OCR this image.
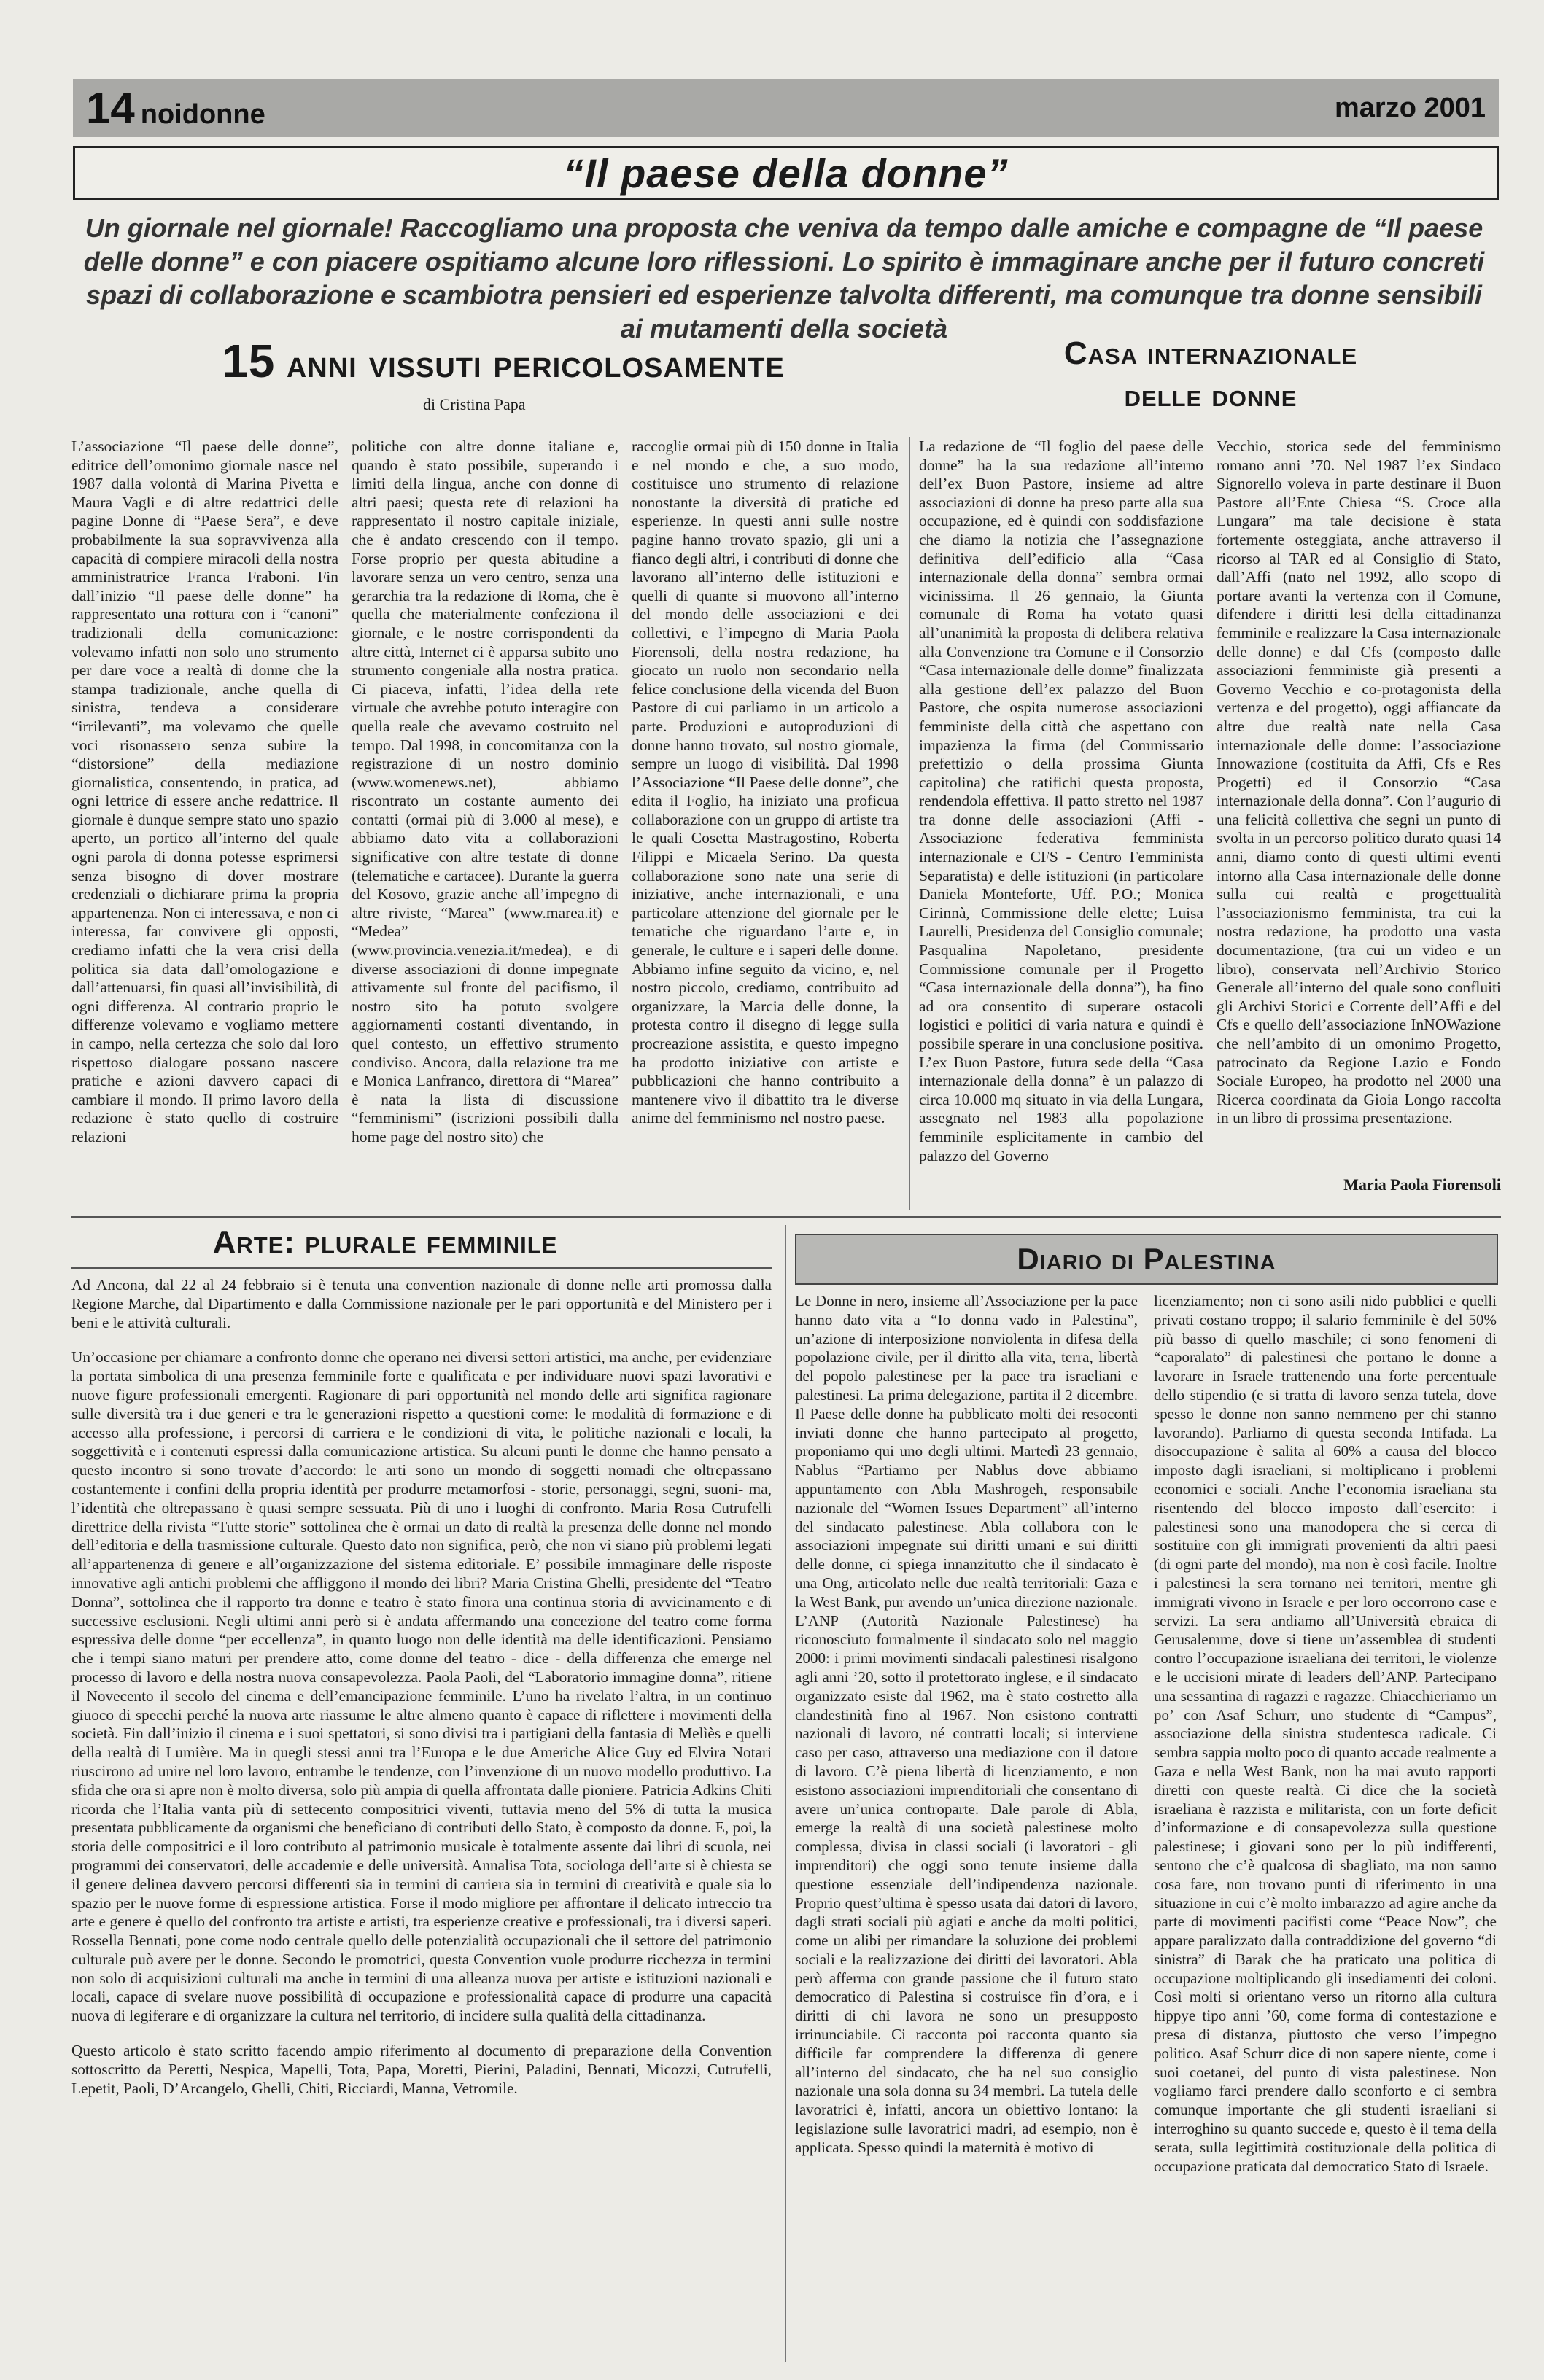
14 noidonne	marzo 2001
“Il paese della donne”
Un giornale nel giornale! Raccogliamo una proposta che veniva da tempo dalle amiche e compagne de “Il paese delle donne” e con piacere ospitiamo alcune loro riflessioni. Lo spirito è immaginare anche per il futuro concreti spazi di collaborazione e scambiotra pensieri ed esperienze talvolta differenti, ma comunque tra donne sensibili ai mutamenti della società
15 anni vissuti pericolosamente
di Cristina Papa
L’associazione “Il paese delle donne”, editrice dell’omonimo giornale nasce nel 1987 dalla volontà di Marina Pivetta e Maura Vagli e di altre redattrici delle pagine Donne di “Paese Sera”, e deve probabilmente la sua sopravvivenza alla capacità di compiere miracoli della nostra amministratrice Franca Fraboni. Fin dall’inizio “Il paese delle donne” ha rappresentato una rottura con i “canoni” tradizionali della comunicazione: volevamo infatti non solo uno strumento per dare voce a realtà di donne che la stampa tradizionale, anche quella di sinistra, tendeva a considerare “irrilevanti”, ma volevamo che quelle voci risonassero senza subire la “distorsione” della mediazione giornalistica, consentendo, in pratica, ad ogni lettrice di essere anche redattrice. Il giornale è dunque sempre stato uno spazio aperto, un portico all’interno del quale ogni parola di donna potesse esprimersi senza bisogno di dover mostrare credenziali o dichiarare prima la propria appartenenza. Non ci interessava, e non ci interessa, far convivere gli opposti, crediamo infatti che la vera crisi della politica sia data dall’omologazione e dall’attenuarsi, fin quasi all’invisibilità, di ogni differenza. Al contrario proprio le differenze volevamo e vogliamo mettere in campo, nella certezza che solo dal loro rispettoso dialogare possano nascere pratiche e azioni davvero capaci di cambiare il mondo. Il primo lavoro della redazione è stato quello di costruire relazioni
politiche con altre donne italiane e, quando è stato possibile, superando i limiti della lingua, anche con donne di altri paesi; questa rete di relazioni ha rappresentato il nostro capitale iniziale, che è andato crescendo con il tempo. Forse proprio per questa abitudine a lavorare senza un vero centro, senza una gerarchia tra la redazione di Roma, che è quella che materialmente confeziona il giornale, e le nostre corrispondenti da altre città, Internet ci è apparsa subito uno strumento congeniale alla nostra pratica. Ci piaceva, infatti, l’idea della rete virtuale che avrebbe potuto interagire con quella reale che avevamo costruito nel tempo. Dal 1998, in concomitanza con la registrazione di un nostro dominio (www.womenews.net), abbiamo riscontrato un costante aumento dei contatti (ormai più di 3.000 al mese), e abbiamo dato vita a collaborazioni significative con altre testate di donne (telematiche e cartacee). Durante la guerra del Kosovo, grazie anche all’impegno di altre riviste, “Marea” (www.marea.it) e “Medea” (www.provincia.venezia.it/medea), e di diverse associazioni di donne impegnate attivamente sul fronte del pacifismo, il nostro sito ha potuto svolgere aggiornamenti costanti diventando, in quel contesto, un effettivo strumento condiviso. Ancora, dalla relazione tra me e Monica Lanfranco, direttora di “Marea” è nata la lista di discussione “femminismi” (iscrizioni possibili dalla home page del nostro sito) che
raccoglie ormai più di 150 donne in Italia e nel mondo e che, a suo modo, costituisce uno strumento di relazione nonostante la diversità di pratiche ed esperienze. In questi anni sulle nostre pagine hanno trovato spazio, gli uni a fianco degli altri, i contributi di donne che lavorano all’interno delle istituzioni e quelli di quante si muovono all’interno del mondo delle associazioni e dei collettivi, e l’impegno di Maria Paola Fiorensoli, della nostra redazione, ha giocato un ruolo non secondario nella felice conclusione della vicenda del Buon Pastore di cui parliamo in un articolo a parte. Produzioni e autoproduzioni di donne hanno trovato, sul nostro giornale, sempre un luogo di visibilità. Dal 1998 l’Associazione “Il Paese delle donne”, che edita il Foglio, ha iniziato una proficua collaborazione con un gruppo di artiste tra le quali Cosetta Mastragostino, Roberta Filippi e Micaela Serino. Da questa collaborazione sono nate una serie di iniziative, anche internazionali, e una particolare attenzione del giornale per le tematiche che riguardano l’arte e, in generale, le culture e i saperi delle donne. Abbiamo infine seguito da vicino, e, nel nostro piccolo, crediamo, contribuito ad organizzare, la Marcia delle donne, la protesta contro il disegno di legge sulla procreazione assistita, e questo impegno ha prodotto iniziative con artiste e pubblicazioni che hanno contribuito a mantenere vivo il dibattito tra le diverse anime del femminismo nel nostro paese.
Casa internazionale
delle donne
La redazione de “Il foglio del paese delle donne” ha la sua redazione all’interno dell’ex Buon Pastore, insieme ad altre associazioni di donne ha preso parte alla sua occupazione, ed è quindi con soddisfazione che diamo la notizia che l’assegnazione definitiva dell’edificio alla “Casa internazionale della donna” sembra ormai vicinissima. Il 26 gennaio, la Giunta comunale di Roma ha votato quasi all’unanimità la proposta di delibera relativa alla Convenzione tra Comune e il Consorzio “Casa internazionale delle donne” finalizzata alla gestione dell’ex palazzo del Buon Pastore, che ospita numerose associazioni femministe della città che aspettano con impazienza la firma (del Commissario prefettizio o della prossima Giunta capitolina) che ratifichi questa proposta, rendendola effettiva. Il patto stretto nel 1987 tra donne delle associazioni (Affi - Associazione federativa femminista internazionale e CFS - Centro Femminista Separatista) e delle istituzioni (in particolare Daniela Monteforte, Uff. P.O.; Monica Cirinnà, Commissione delle elette; Luisa Laurelli, Presidenza del Consiglio comunale; Pasqualina Napoletano, presidente Commissione comunale per il Progetto “Casa internazionale della donna”), ha fino ad ora consentito di superare ostacoli logistici e politici di varia natura e quindi è possibile sperare in una conclusione positiva. L’ex Buon Pastore, futura sede della “Casa internazionale della donna” è un palazzo di circa 10.000 mq situato in via della Lungara, assegnato nel 1983 alla popolazione femminile esplicitamente in cambio del palazzo del Governo
Vecchio, storica sede del femminismo romano anni ’70. Nel 1987 l’ex Sindaco Signorello voleva in parte destinare il Buon Pastore all’Ente Chiesa “S. Croce alla Lungara” ma tale decisione è stata fortemente osteggiata, anche attraverso il ricorso al TAR ed al Consiglio di Stato, dall’Affi (nato nel 1992, allo scopo di portare avanti la vertenza con il Comune, difendere i diritti lesi della cittadinanza femminile e realizzare la Casa internazionale delle donne) e dal Cfs (composto dalle associazioni femministe già presenti a Governo Vecchio e co-protagonista della vertenza e del progetto), oggi affiancate da altre due realtà nate nella Casa internazionale delle donne: l’associazione Innowazione (costituita da Affi, Cfs e Res Progetti) ed il Consorzio “Casa internazionale della donna”. Con l’augurio di una felicità collettiva che segni un punto di svolta in un percorso politico durato quasi 14 anni, diamo conto di questi ultimi eventi intorno alla Casa internazionale delle donne sulla cui realtà e progettualità l’associazionismo femminista, tra cui la nostra redazione, ha prodotto una vasta documentazione, (tra cui un video e un libro), conservata nell’Archivio Storico Generale all’interno del quale sono confluiti gli Archivi Storici e Corrente dell’Affi e del Cfs e quello dell’associazione InNOWazione che nell’ambito di un omonimo Progetto, patrocinato da Regione Lazio e Fondo Sociale Europeo, ha prodotto nel 2000 una Ricerca coordinata da Gioia Longo raccolta in un libro di prossima presentazione.
Maria Paola Fiorensoli
Arte: plurale femminile

Ad Ancona, dal 22 al 24 febbraio si è tenuta una convention nazionale di donne nelle arti promossa dalla Regione Marche, dal Dipartimento e dalla Commissione nazionale per le pari opportunità e del Ministero per i beni e le attività culturali.

Un’occasione per chiamare a confronto donne che operano nei diversi settori artistici, ma anche, per evidenziare la portata simbolica di una presenza femminile forte e qualificata e per individuare nuovi spazi lavorativi e nuove figure professionali emergenti. Ragionare di pari opportunità nel mondo delle arti significa ragionare sulle diversità tra i due generi e tra le generazioni rispetto a questioni come: le modalità di formazione e di accesso alla professione, i percorsi di carriera e le condizioni di vita, le politiche nazionali e locali, la soggettività e i contenuti espressi dalla comunicazione artistica. Su alcuni punti le donne che hanno pensato a questo incontro si sono trovate d’accordo: le arti sono un mondo di soggetti nomadi che oltrepassano costantemente i confini della propria identità per produrre metamorfosi - storie, personaggi, segni, suoni- ma, l’identità che oltrepassano è quasi sempre sessuata. Più di uno i luoghi di confronto. Maria Rosa Cutrufelli direttrice della rivista “Tutte storie” sottolinea che è ormai un dato di realtà la presenza delle donne nel mondo dell’editoria e della trasmissione culturale. Questo dato non significa, però, che non vi siano più problemi legati all’appartenenza di genere e all’organizzazione del sistema editoriale. E’ possibile immaginare delle risposte innovative agli antichi problemi che affliggono il mondo dei libri? Maria Cristina Ghelli, presidente del “Teatro Donna”, sottolinea che il rapporto tra donne e teatro è stato finora una continua storia di avvicinamento e di successive esclusioni. Negli ultimi anni però si è andata affermando una concezione del teatro come forma espressiva delle donne “per eccellenza”, in quanto luogo non delle identità ma delle identificazioni. Pensiamo che i tempi siano maturi per prendere atto, come donne del teatro - dice - della differenza che emerge nel processo di lavoro e della nostra nuova consapevolezza. Paola Paoli, del “Laboratorio immagine donna”, ritiene il Novecento il secolo del cinema e dell’emancipazione femminile. L’uno ha rivelato l’altra, in un continuo giuoco di specchi perché la nuova arte riassume le altre almeno quanto è capace di riflettere i movimenti della società. Fin dall’inizio il cinema e i suoi spettatori, si sono divisi tra i partigiani della fantasia di Melìès e quelli della realtà di Lumière. Ma in quegli stessi anni tra l’Europa e le due Americhe Alice Guy ed Elvira Notari riuscirono ad unire nel loro lavoro, entrambe le tendenze, con l’invenzione di un nuovo modello produttivo. La sfida che ora si apre non è molto diversa, solo più ampia di quella affrontata dalle pioniere. Patricia Adkins Chiti ricorda che l’Italia vanta più di settecento compositrici viventi, tuttavia meno del 5% di tutta la musica presentata pubblicamente da organismi che beneficiano di contributi dello Stato, è composto da donne. E, poi, la storia delle compositrici e il loro contributo al patrimonio musicale è totalmente assente dai libri di scuola, nei programmi dei conservatori, delle accademie e delle università. Annalisa Tota, sociologa dell’arte si è chiesta se il genere delinea davvero percorsi differenti sia in termini di carriera sia in termini di creatività e quale sia lo spazio per le nuove forme di espressione artistica. Forse il modo migliore per affrontare il delicato intreccio tra arte e genere è quello del confronto tra artiste e artisti, tra esperienze creative e professionali, tra i diversi saperi. Rossella Bennati, pone come nodo centrale quello delle potenzialità occupazionali che il settore del patrimonio culturale può avere per le donne. Secondo le promotrici, questa Convention vuole produrre ricchezza in termini non solo di acquisizioni culturali ma anche in termini di una alleanza nuova per artiste e istituzioni nazionali e locali, capace di svelare nuove possibilità di occupazione e professionalità capace di produrre una capacità nuova di legiferare e di organizzare la cultura nel territorio, di incidere sulla qualità della cittadinanza.

Questo articolo è stato scritto facendo ampio riferimento al documento di preparazione della Convention sottoscritto da Peretti, Nespica, Mapelli, Tota, Papa, Moretti, Pierini, Paladini, Bennati, Micozzi, Cutrufelli, Lepetit, Paoli, D’Arcangelo, Ghelli, Chiti, Ricciardi, Manna, Vetromile.

Diario di Palestina
Le Donne in nero, insieme all’Associazione per la pace hanno dato vita a “Io donna vado in Palestina”, un’azione di interposizione nonviolenta in difesa della popolazione civile, per il diritto alla vita, terra, libertà del popolo palestinese per la pace tra israeliani e palestinesi. La prima delegazione, partita il 2 dicembre. Il Paese delle donne ha pubblicato molti dei resoconti inviati donne che hanno partecipato al progetto, proponiamo qui uno degli ultimi. Martedì 23 gennaio, Nablus “Partiamo per Nablus dove abbiamo appuntamento con Abla Mashrogeh, responsabile nazionale del “Women Issues Department” all’interno del sindacato palestinese. Abla collabora con le associazioni impegnate sui diritti umani e sui diritti delle donne, ci spiega innanzitutto che il sindacato è una Ong, articolato nelle due realtà territoriali: Gaza e la West Bank, pur avendo un’unica direzione nazionale. L’ANP (Autorità Nazionale Palestinese) ha riconosciuto formalmente il sindacato solo nel maggio 2000: i primi movimenti sindacali palestinesi risalgono agli anni ’20, sotto il protettorato inglese, e il sindacato organizzato esiste dal 1962, ma è stato costretto alla clandestinità fino al 1967. Non esistono contratti nazionali di lavoro, né contratti locali; si interviene caso per caso, attraverso una mediazione con il datore di lavoro. C’è piena libertà di licenziamento, e non esistono associazioni imprenditoriali che consentano di avere un’unica controparte. Dale parole di Abla, emerge la realtà di una società palestinese molto complessa, divisa in classi sociali (i lavoratori - gli imprenditori) che oggi sono tenute insieme dalla questione essenziale dell’indipendenza nazionale. Proprio quest’ultima è spesso usata dai datori di lavoro, dagli strati sociali più agiati e anche da molti politici, come un alibi per rimandare la soluzione dei problemi sociali e la realizzazione dei diritti dei lavoratori. Abla però afferma con grande passione che il futuro stato democratico di Palestina si costruisce fin d’ora, e i diritti di chi lavora ne sono un presupposto irrinunciabile. Ci racconta poi racconta quanto sia difficile far comprendere la differenza di genere all’interno del sindacato, che ha nel suo consiglio nazionale una sola donna su 34 membri. La tutela delle lavoratrici è, infatti, ancora un obiettivo lontano: la legislazione sulle lavoratrici madri, ad esempio, non è applicata. Spesso quindi la maternità è motivo di
licenziamento; non ci sono asili nido pubblici e quelli privati costano troppo; il salario femminile è del 50% più basso di quello maschile; ci sono fenomeni di “caporalato” di palestinesi che portano le donne a lavorare in Israele trattenendo una forte percentuale dello stipendio (e si tratta di lavoro senza tutela, dove spesso le donne non sanno nemmeno per chi stanno lavorando). Parliamo di questa seconda Intifada. La disoccupazione è salita al 60% a causa del blocco imposto dagli israeliani, si moltiplicano i problemi economici e sociali. Anche l’economia israeliana sta risentendo del blocco imposto dall’esercito: i palestinesi sono una manodopera che si cerca di sostituire con gli immigrati provenienti da altri paesi (di ogni parte del mondo), ma non è così facile. Inoltre i palestinesi la sera tornano nei territori, mentre gli immigrati vivono in Israele e per loro occorrono case e servizi. La sera andiamo all’Università ebraica di Gerusalemme, dove si tiene un’assemblea di studenti contro l’occupazione israeliana dei territori, le violenze e le uccisioni mirate di leaders dell’ANP. Partecipano una sessantina di ragazzi e ragazze. Chiacchieriamo un po’ con Asaf Schurr, uno studente di “Campus”, associazione della sinistra studentesca radicale. Ci sembra sappia molto poco di quanto accade realmente a Gaza e nella West Bank, non ha mai avuto rapporti diretti con queste realtà. Ci dice che la società israeliana è razzista e militarista, con un forte deficit d’informazione e di consapevolezza sulla questione palestinese; i giovani sono per lo più indifferenti, sentono che c’è qualcosa di sbagliato, ma non sanno cosa fare, non trovano punti di riferimento in una situazione in cui c’è molto imbarazzo ad agire anche da parte di movimenti pacifisti come “Peace Now”, che appare paralizzato dalla contraddizione del governo “di sinistra” di Barak che ha praticato una politica di occupazione moltiplicando gli insediamenti dei coloni. Così molti si orientano verso un ritorno alla cultura hippye tipo anni ’60, come forma di contestazione e presa di distanza, piuttosto che verso l’impegno politico. Asaf Schurr dice di non sapere niente, come i suoi coetanei, del punto di vista palestinese. Non vogliamo farci prendere dallo sconforto e ci sembra comunque importante che gli studenti israeliani si interroghino su quanto succede e, questo è il tema della serata, sulla legittimità costituzionale della politica di occupazione praticata dal democratico Stato di Israele.
